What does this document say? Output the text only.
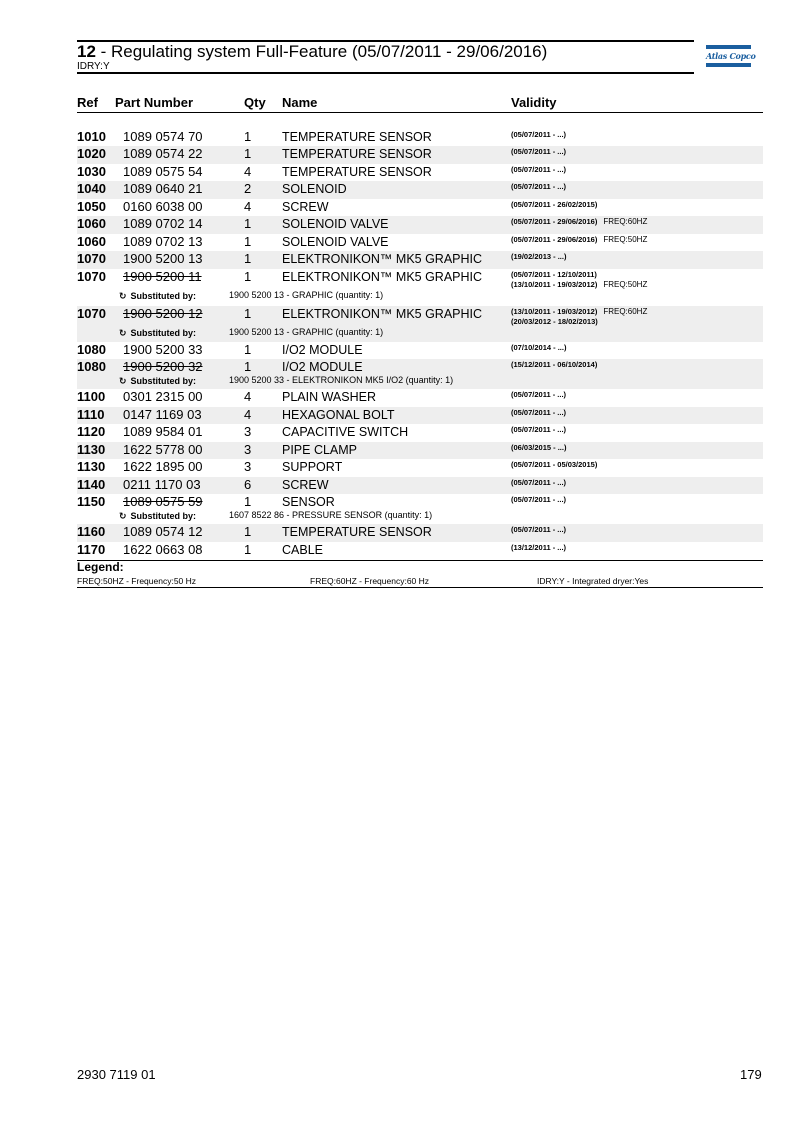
12 - Regulating system Full-Feature (05/07/2011 - 29/06/2016)
IDRY:Y
Atlas Copco
Ref Part Number	Qty Name	Validity
1010 1089 0574 70	1 TEMPERATURE SENSOR	(05/07/2011 - ...)
1020 1089 0574 22	1 TEMPERATURE SENSOR	(05/07/2011 - ...)
1030 1089 0575 54	4 TEMPERATURE SENSOR	(05/07/2011 - ...)
1040 1089 0640 21	2 SOLENOID	(05/07/2011 - ...)
1050 0160 6038 00	4 SCREW	(05/07/2011 - 26/02/2015)
1060 1089 0702 14	1 SOLENOID VALVE	(05/07/2011 - 29/06/2016) FREQ:60HZ
1060 1089 0702 13	1 SOLENOID VALVE	(05/07/2011 - 29/06/2016) FREQ:50HZ
1070 1900 5200 13	1 ELEKTRONIKON™ MK5 GRAPHIC	(19/02/2013 - ...)
1070 1900 5200 11	1 ELEKTRONIKON™ MK5 GRAPHIC	(05/07/2011 - 12/10/2011)
(13/10/2011 - 19/03/2012) FREQ:50HZ
↻ Substituted by:	1900 5200 13 - GRAPHIC (quantity: 1)
1070 1900 5200 12	1 ELEKTRONIKON™ MK5 GRAPHIC	(13/10/2011 - 19/03/2012) FREQ:60HZ
(20/03/2012 - 18/02/2013)
↻ Substituted by:	1900 5200 13 - GRAPHIC (quantity: 1)
1080 1900 5200 33	1 I/O2 MODULE	(07/10/2014 - ...)
1080 1900 5200 32	1 I/O2 MODULE	(15/12/2011 - 06/10/2014)
↻ Substituted by:	1900 5200 33 - ELEKTRONIKON MK5 I/O2 (quantity: 1)
1100 0301 2315 00	4 PLAIN WASHER	(05/07/2011 - ...)
1110 0147 1169 03	4 HEXAGONAL BOLT	(05/07/2011 - ...)
1120 1089 9584 01	3 CAPACITIVE SWITCH	(05/07/2011 - ...)
1130 1622 5778 00	3 PIPE CLAMP	(06/03/2015 - ...)
1130 1622 1895 00	3 SUPPORT	(05/07/2011 - 05/03/2015)
1140 0211 1170 03	6 SCREW	(05/07/2011 - ...)
1150 1089 0575 59	1 SENSOR	(05/07/2011 - ...)
↻ Substituted by:	1607 8522 86 - PRESSURE SENSOR (quantity: 1)
1160 1089 0574 12	1 TEMPERATURE SENSOR	(05/07/2011 - ...)
1170 1622 0663 08	1 CABLE	(13/12/2011 - ...)
Legend:
FREQ:50HZ - Frequency:50 Hz	FREQ:60HZ - Frequency:60 Hz	IDRY:Y - Integrated dryer:Yes
2930 7119 01	179
